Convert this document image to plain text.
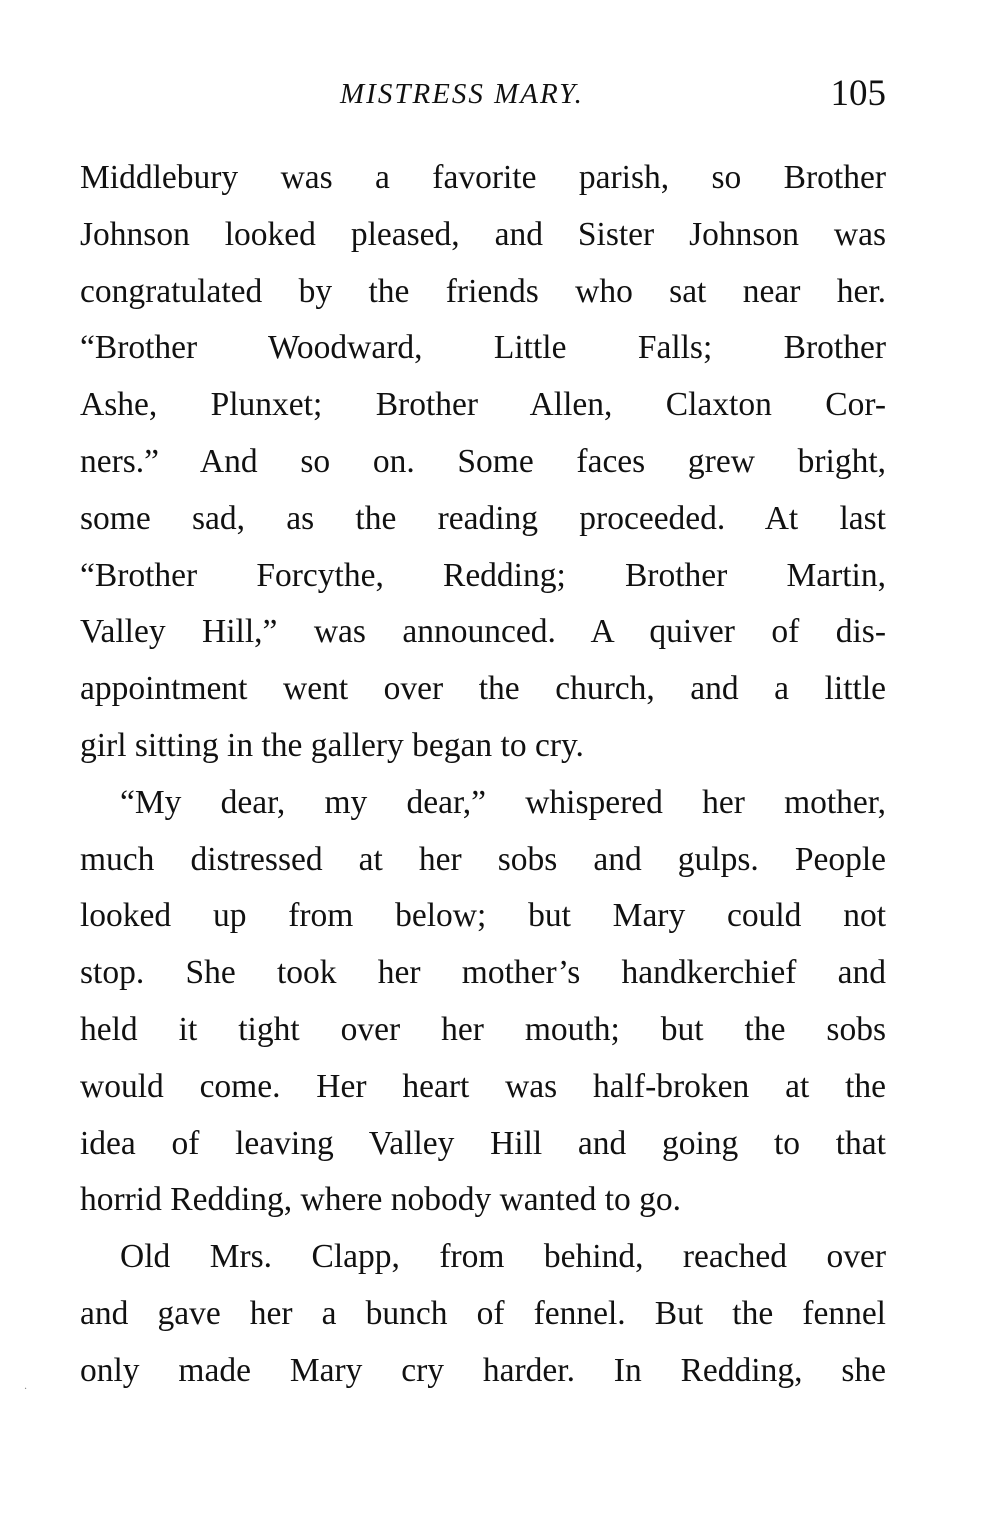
MISTRESS MARY.	105
Middlebury was a favorite parish, so Brother
Johnson looked pleased, and Sister Johnson was
congratulated by the friends who sat near her.
“Brother Woodward, Little Falls; Brother
Ashe, Plunxet; Brother Allen, Claxton Cor-
ners.” And so on. Some faces grew bright,
some sad, as the reading proceeded. At last
“Brother Forcythe, Redding; Brother Martin,
Valley Hill,” was announced. A quiver of dis-
appointment went over the church, and a little
girl sitting in the gallery began to cry.
“My dear, my dear,” whispered her mother,
much distressed at her sobs and gulps. People
looked up from below; but Mary could not
stop. She took her mother’s handkerchief and
held it tight over her mouth; but the sobs
would come. Her heart was half-broken at the
idea of leaving Valley Hill and going to that
horrid Redding, where nobody wanted to go.
Old Mrs. Clapp, from behind, reached over
and gave her a bunch of fennel. But the fennel
only made Mary cry harder. In Redding, she
·
